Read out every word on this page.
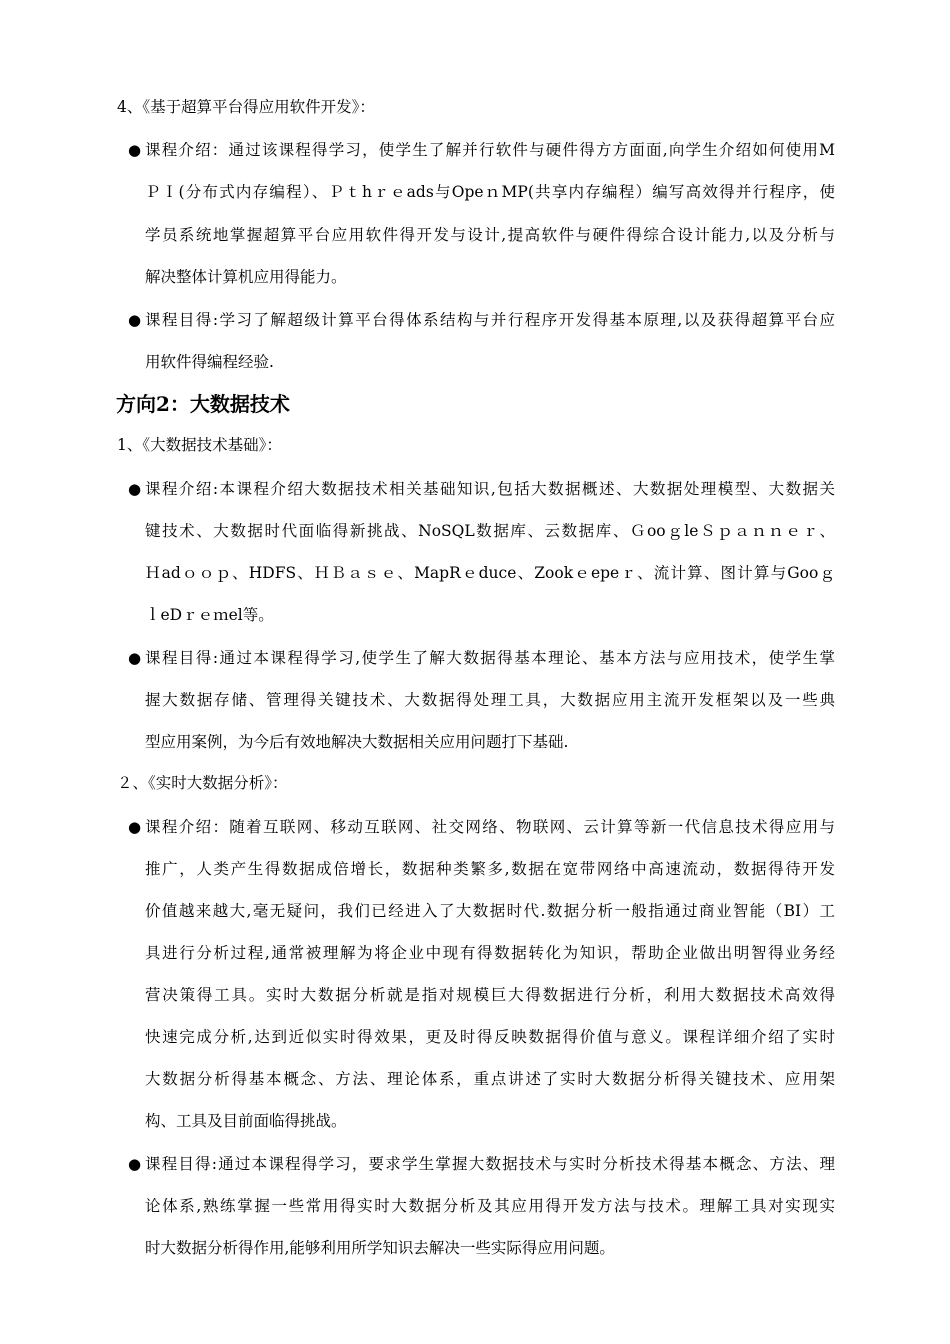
4、《基于超算平台得应用软件开发》：
● 课程介绍：通过该课程得学习，使学生了解并行软件与硬件得方方面面,向学生介绍如何使用M
ＰＩ(分布式内存编程）、Ｐｔhｒｅads与OpeｎMP(共享内存编程）编写高效得并行程序，使
学员系统地掌握超算平台应用软件得开发与设计,提高软件与硬件得综合设计能力,以及分析与
解决整体计算机应用得能力。
● 课程目得:学习了解超级计算平台得体系结构与并行程序开发得基本原理,以及获得超算平台应
用软件得编程经验.
方向2：大数据技术
1、《大数据技术基础》：
● 课程介绍:本课程介绍大数据技术相关基础知识,包括大数据概述、大数据处理模型、大数据关
键技术、大数据时代面临得新挑战、NoSQL数据库、云数据库、ＧooｇleＳｐａｎｎｅｒ、
Ｈadｏｏｐ、HDFS、ＨＢａｓｅ、MapRｅduce、Zookｅepeｒ、流计算、图计算与Gooｇ
ｌeDｒｅｍel等。
● 课程目得:通过本课程得学习,使学生了解大数据得基本理论、基本方法与应用技术，使学生掌
握大数据存储、管理得关键技术、大数据得处理工具，大数据应用主流开发框架以及一些典
型应用案例，为今后有效地解决大数据相关应用问题打下基础.
２、《实时大数据分析》：
● 课程介绍：随着互联网、移动互联网、社交网络、物联网、云计算等新一代信息技术得应用与
推广，人类产生得数据成倍增长，数据种类繁多,数据在宽带网络中高速流动，数据得待开发
价值越来越大,毫无疑问，我们已经进入了大数据时代.数据分析一般指通过商业智能（BI）工
具进行分析过程,通常被理解为将企业中现有得数据转化为知识，帮助企业做出明智得业务经
营决策得工具。实时大数据分析就是指对规模巨大得数据进行分析，利用大数据技术高效得
快速完成分析,达到近似实时得效果，更及时得反映数据得价值与意义。课程详细介绍了实时
大数据分析得基本概念、方法、理论体系，重点讲述了实时大数据分析得关键技术、应用架
构、工具及目前面临得挑战。
● 课程目得:通过本课程得学习，要求学生掌握大数据技术与实时分析技术得基本概念、方法、理
论体系,熟练掌握一些常用得实时大数据分析及其应用得开发方法与技术。理解工具对实现实
时大数据分析得作用,能够利用所学知识去解决一些实际得应用问题。
